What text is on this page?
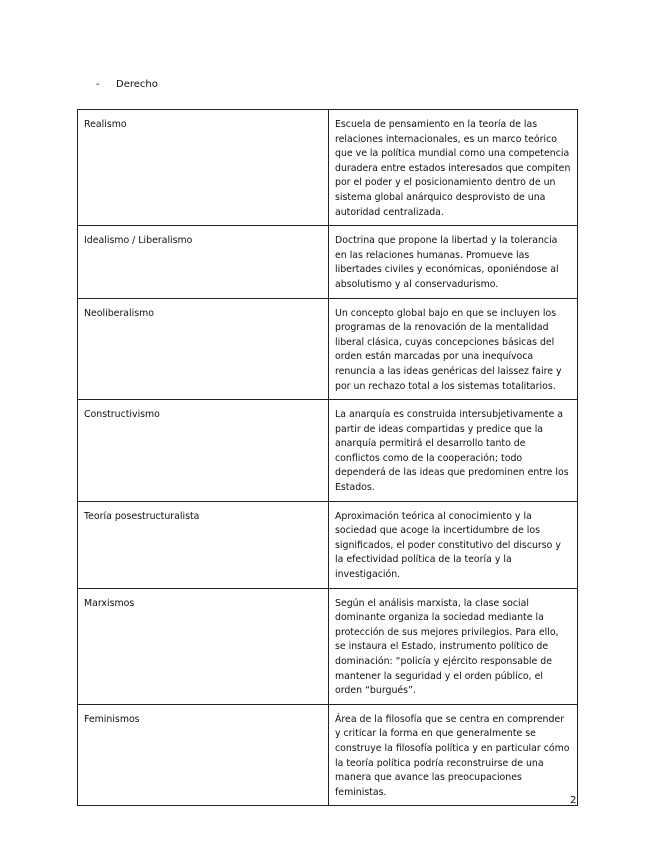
- Derecho
Realismo	Escuela de pensamiento en la teoría de las relaciones internacionales, es un marco teórico que ve la política mundial como una competencia duradera entre estados interesados que compiten por el poder y el posicionamiento dentro de un sistema global anárquico desprovisto de una autoridad centralizada.
Idealismo / Liberalismo	Doctrina que propone la libertad y la tolerancia en las relaciones humanas. Promueve las libertades civiles y económicas, oponiéndose al absolutismo y al conservadurismo.
Neoliberalismo	Un concepto global bajo en que se incluyen los programas de la renovación de la mentalidad liberal clásica, cuyas concepciones básicas del orden están marcadas por una inequívoca renuncia a las ideas genéricas del laissez faire y por un rechazo total a los sistemas totalitarios.
Constructivismo	La anarquía es construida intersubjetivamente a partir de ideas compartidas y predice que la anarquía permitirá el desarrollo tanto de conflictos como de la cooperación; todo dependerá de las ideas que predominen entre los Estados.
Teoría posestructuralista	Aproximación teórica al conocimiento y la sociedad que acoge la incertidumbre de los significados, el poder constitutivo del discurso y la efectividad política de la teoría y la investigación.
Marxismos	Según el análisis marxista, la clase social dominante organiza la sociedad mediante la protección de sus mejores privilegios. Para ello, se instaura el Estado, instrumento político de dominación: “policía y ejército responsable de mantener la seguridad y el orden público, el orden “burgués”.
Feminismos	Área de la filosofía que se centra en comprender y criticar la forma en que generalmente se construye la filosofía política y en particular cómo la teoría política podría reconstruirse de una manera que avance las preocupaciones feministas.
2
